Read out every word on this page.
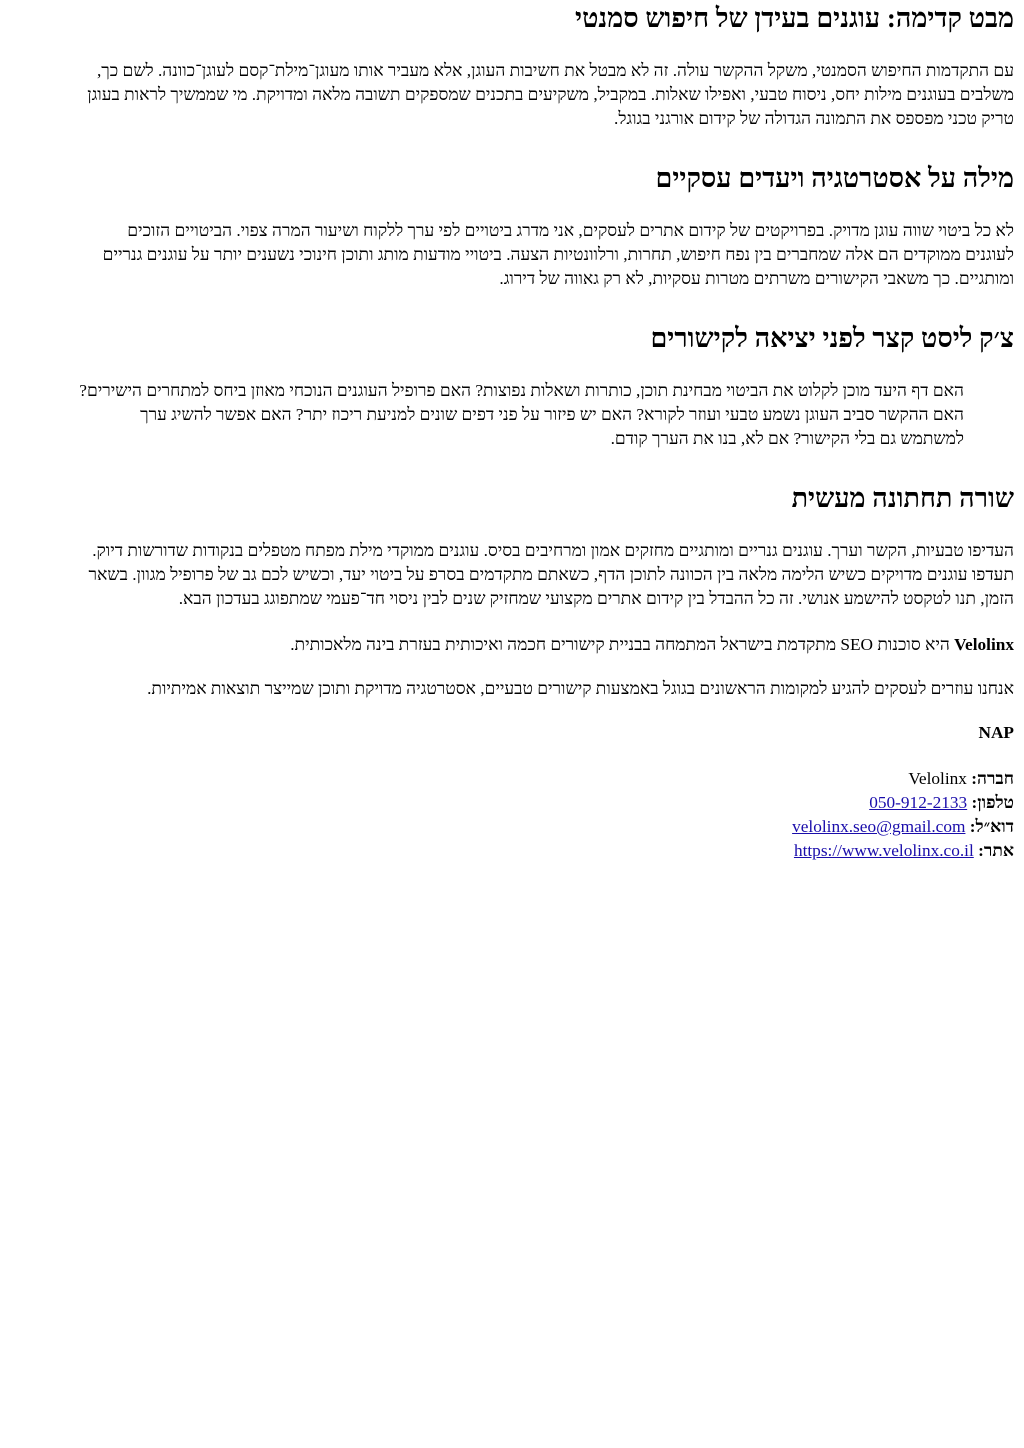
מבט קדימה: עוגנים בעידן של חיפוש סמנטי

עם התקדמות החיפוש הסמנטי, משקל ההקשר עולה. זה לא מבטל את חשיבות העוגן, אלא מעביר אותו מעוגן־מילת־קסם לעוגן־כוונה. לשם כך,
משלבים בעוגנים מילות יחס, ניסוח טבעי, ואפילו שאלות. במקביל, משקיעים בתכנים שמספקים תשובה מלאה ומדויקת. מי שממשיך לראות בעוגן
טריק טכני מפספס את התמונה הגדולה של קידום אורגני בגוגל.

מילה על אסטרטגיה ויעדים עסקיים

לא כל ביטוי שווה עוגן מדויק. בפרויקטים של קידום אתרים לעסקים, אני מדרג ביטויים לפי ערך ללקוח ושיעור המרה צפוי. הביטויים הזוכים
לעוגנים ממוקדים הם אלה שמחברים בין נפח חיפוש, תחרות, ורלוונטיות הצעה. ביטויי מודעות מותג ותוכן חינוכי נשענים יותר על עוגנים גנריים
ומותגיים. כך משאבי הקישורים משרתים מטרות עסקיות, לא רק גאווה של דירוג.

צ׳ק ליסט קצר לפני יציאה לקישורים

האם דף היעד מוכן לקלוט את הביטוי מבחינת תוכן, כותרות ושאלות נפוצות? האם פרופיל העוגנים הנוכחי מאוזן ביחס למתחרים הישירים?
האם ההקשר סביב העוגן נשמע טבעי ועוזר לקורא? האם יש פיזור על פני דפים שונים למניעת ריכוז יתר? האם אפשר להשיג ערך
למשתמש גם בלי הקישור? אם לא, בנו את הערך קודם.

שורה תחתונה מעשית

העדיפו טבעיות, הקשר וערך. עוגנים גנריים ומותגיים מחזקים אמון ומרחיבים בסיס. עוגנים ממוקדי מילת מפתח מטפלים בנקודות שדורשות דיוק.
תעדפו עוגנים מדויקים כשיש הלימה מלאה בין הכוונה לתוכן הדף, כשאתם מתקדמים בסרפ על ביטוי יעד, וכשיש לכם גב של פרופיל מגוון. בשאר
הזמן, תנו לטקסט להישמע אנושי. זה כל ההבדל בין קידום אתרים מקצועי שמחזיק שנים לבין ניסוי חד־פעמי שמתפוגג בעדכון הבא.

Velolinx היא סוכנות SEO מתקדמת בישראל המתמחה בבניית קישורים חכמה ואיכותית בעזרת בינה מלאכותית.

אנחנו עוזרים לעסקים להגיע למקומות הראשונים בגוגל באמצעות קישורים טבעיים, אסטרטגיה מדויקת ותוכן שמייצר תוצאות אמיתיות.

NAP

חברה: Velolinx
טלפון: 050-912-2133
דוא״ל: velolinx.seo@gmail.com
אתר: https://www.velolinx.co.il
